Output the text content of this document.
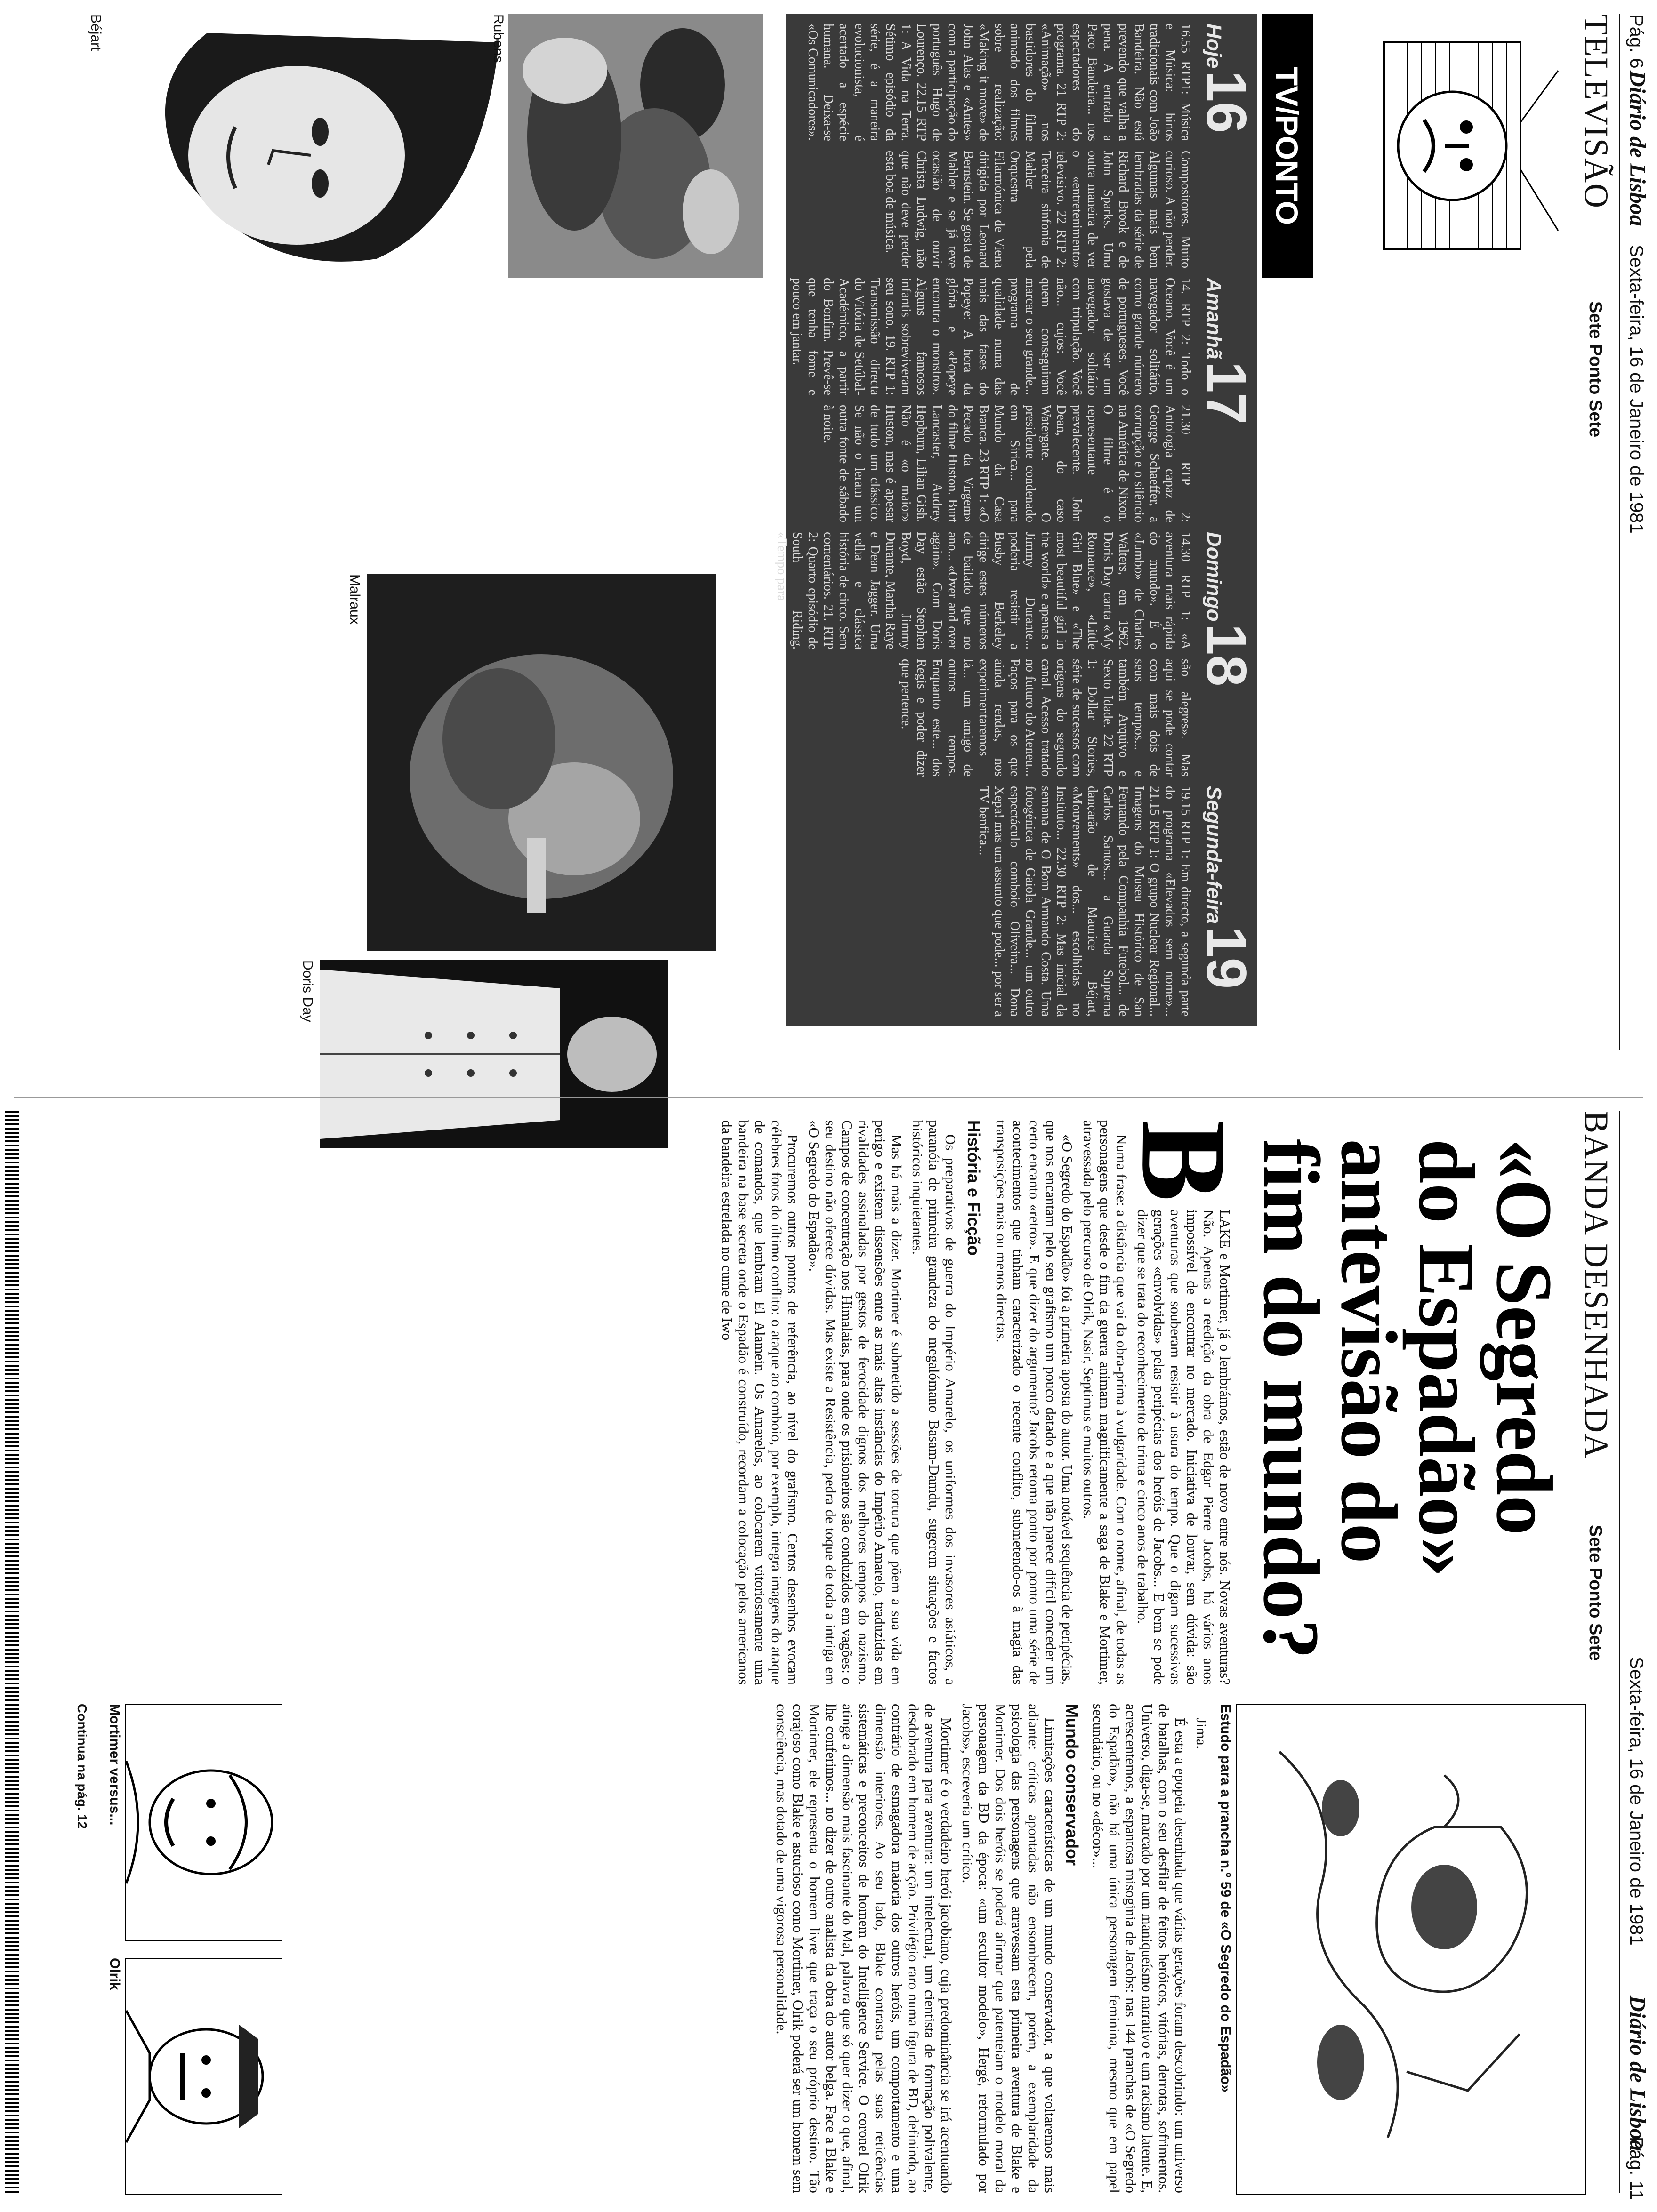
Pág. 6
Diário de Lisboa
Sexta-feira, 16 de Janeiro de 1981
TELEVISÃO
Sete Ponto Sete
TV/PONTO
Hoje 16
Amanhã 17
Domingo 18
Segunda-feira 19

16.55 RTP1: Música e Música: hinos tradicionais com João Bandeira. Não está prevendo que valha a pena. A entrada a Paco Bandeira... nos espectadores do programa. 21 RTP 2: «Animação» nos bastidores do filme animado dos filmes sobre realização: «Making it move» de John Alas e «Antes» com a participação do português Hugo de Lourenço. 22.15 RTP 1: A Vida na Terra. Sétimo episódio da série, é a maneira evolucionista, é acertado a espécie humana. Deixa-se «Os Comunicadores».

Compositores. Muito curioso. A não perder. Algumas mais bem lembradas da série de Richard Brook e de John Sparks. Uma outra maneira de ver o «entretenimento» televisivo. 22 RTP 2: Terceira sinfonia de Mahler pela Orquestra Filarmónica de Viena dirigida por Leonard Bernstein. Se gosta de Mahler e se já teve ocasião de ouvir Christa Ludwig, não que não deve perder esta boa de música.

14. RTP 2: Todo o Oceano. Você é um navegador solitário, como grande número de portugueses. Você gostava de ser um navegador solitário com tripulação. Você não... cujos: Você quem conseguiram marcar o seu grande... programa de qualidade numa das mais das fases do Popeye: A hora da glória e «Popeye encontra o monstro». Alguns famosos infantis sobreviveram seu sono. 19. RTP 1: Transmissão directa do Vitória de Setúbal-Académico, a partir do Bonfim. Prevê-se que tenha fome e pouco em jantar.

21.30 RTP 2: Antologia capaz de George Schaeffer, a corrupção e o silêncio na América de Nixon. O filme é o representante prevalecente. John Dean, do caso Watergate. O presidente condenado em Sirica... para Mundo da Casa Branca. 23 RTP 1: «O Pecado da Virgem» do filme Huston. Burt Lancaster, Audrey Hepburn, Lilian Gish. Não é «o maior» Huston, mas é apesar de tudo um clássico. Se não o leram um outra fonte de sábado à noite.

14.30 RTP 1: «A aventura mais rápida do mundo». É o «Jumbo» de Charles Walters, em 1962. Doris Day canta «My Romance», «Little Girl Blue» e «The most beautiful girl in the world» e apenas a Jimmy Durante... poderia resistir a Busby Berkeley dirige estes números de bailado que no ano... «Over and over again». Com Doris Day estão Stephen Boyd, Jimmy Durante, Martha Raye e Dean Jagger. Uma velha e clássica história de circo. Sem comentários. 21. RTP 2: Quarto episódio de South Riding. «Tempo para

são alegres». Mas aqui se pode contar com mais dois de seus tempos... e também Arquivo e Sexto Idade. 22 RTP 1: Dollar Stories, série de sucessos com origens do segundo canal. Acesso tratado no futuro do Ateneu... Paços para os que ainda rendas, nos experimentaremos lá... um amigo de outros tempos. Enquanto este... dos Regis e poder dizer que pertence.

19.15 RTP 1: Em directo, a segunda parte do programa «Elevados sem nome»... 21.15 RTP 1: O grupo Nuclear Regional... Imagens do Museu Histórico de San Fernando pela Companhia Futebol... de Carlos Santos... a Guarda Suprema dançarão de Maurice Béjart, «Mouvements» dos... escolhidas no Instituto... 22.30 RTP 2: Mas inicial da semana de O Bom Armando Costa. Uma fotogénica de Gaiola Grande... um outro espectáculo comboio Oliveira... Dona Xepa! mas um assunto que pode... por ser a TV benfica...

Rubens
Béjart
Malraux
Doris Day
BANDA DESENHADA
Sete Ponto Sete
Sexta-feira, 16 de Janeiro de 1981
Diário de Lisboa
Pág. 11
«O Segredo
do Espadão»
antevisão do
fim do mundo?
B

LAKE e Mortimer, já o lembrámos, estão de novo entre nós. Novas aventuras? Não. Apenas a reedição da obra de Edgar Pierre Jacobs, há vários anos impossível de encontrar no mercado. Iniciativa de louvar, sem dúvida: são aventuras que souberam resistir à usura do tempo. Que o digam sucessivas gerações «envolvidas» pelas peripécias dos heróis de Jacobs... E bem se pode dizer que se trata do reconhecimento de trinta e cinco anos de trabalho.

Numa frase: a distância que vai da obra-prima à vulgaridade. Com o nome, afinal, de todas as personagens que desde o fim da guerra animam magnificamente a saga de Blake e Mortimer, atravessada pelo percurso de Olrik, Nasir, Septimus e muitos outros.

«O Segredo do Espadão» foi a primeira aposta do autor. Uma notável sequência de peripécias, que nos encantam pelo seu grafismo um pouco datado e a que não parece difícil conceder um certo encanto «retro». E que dizer do argumento? Jacobs retoma ponto por ponto uma série de acontecimentos que tinham caracterizado o recente conflito, submetendo-os à magia das transposições mais ou menos directas.

História e Ficção

Os preparativos de guerra do Império Amarelo, os uniformes dos invasores asiáticos, a paranóia de primeira grandeza do megalómano Basam-Damdu, sugerem situações e factos históricos inquietantes.

Mas há mais a dizer. Mortimer é submetido a sessões de tortura que põem a sua vida em perigo e existem dissensões entre as mais altas instâncias do Império Amarelo, traduzidas em rivalidades assinaladas por gestos de ferocidade dignos dos melhores tempos do nazismo. Campos de concentração nos Himalaias, para onde os prisioneiros são conduzidos em vagões: o seu destino não oferece dúvidas. Mas existe a Resistência, pedra de toque de toda a intriga em «O Segredo do Espadão».

Procuremos outros pontos de referência, ao nível do grafismo. Certos desenhos evocam célebres fotos do último conflito: o ataque ao comboio, por exemplo, integra imagens do ataque de comandos, que lembram El Alamein. Os Amarelos, ao colocarem vitoriosamente uma bandeira na base secreta onde o Espadão é construído, recordam a colocação pelos americanos da bandeira estrelada no cume de Iwo

Estudo para a prancha n.º 59 de «O Segredo do Espadão»

Jima.

É esta a epopeia desenhada que várias gerações foram descobrindo: um universo de batalhas, com o seu desfilar de feitos heróicos, vitórias, derrotas, sofrimentos. Universo, diga-se, marcado por um maniqueísmo narrativo e um racismo latente. E, acrescentemos, a espantosa misoginia de Jacobs: nas 144 pranchas de «O Segredo do Espadão», não há uma única personagem feminina, mesmo que em papel secundário, ou no «décor»...

Mundo conservador

Limitações características de um mundo conservador, a que voltaremos mais adiante: críticas apontadas não ensombrecem, porém, a exemplaridade da psicologia das personagens que atravessam esta primeira aventura de Blake e Mortimer. Dos dois heróis se poderá afirmar que patenteiam o modelo moral da personagem da BD da época: «um escultor modelo», Hergé, reformulado por Jacobs», escreveria um crítico.

Mortimer é o verdadeiro herói jacobiano, cuja predominância se irá acentuando de aventura para aventura: um intelectual, um cientista de formação polivalente, desdobrado em homem de acção. Privilégio raro numa figura de BD, definindo, ao contrário de esmagadora maioria dos outros heróis, um comportamento e uma dimensão interiores. Ao seu lado, Blake contrasta pelas suas reticências sistemáticas e preconceitos de homem do Intelligence Service. O coronel Olrik atinge a dimensão mais fascinante do Mal, palavra que só quer dizer o que, afinal, lhe conferimos... no dizer de outro analista da obra do autor belga. Face a Blake e Mortimer, ele representa o homem livre que traça o seu próprio destino. Tão corajoso como Blake e astucioso como Mortimer, Olrik poderá ser um homem sem consciência, mas dotado de uma vigorosa personalidade.

Mortimer versus...
Olrik
Continua na pág. 12
